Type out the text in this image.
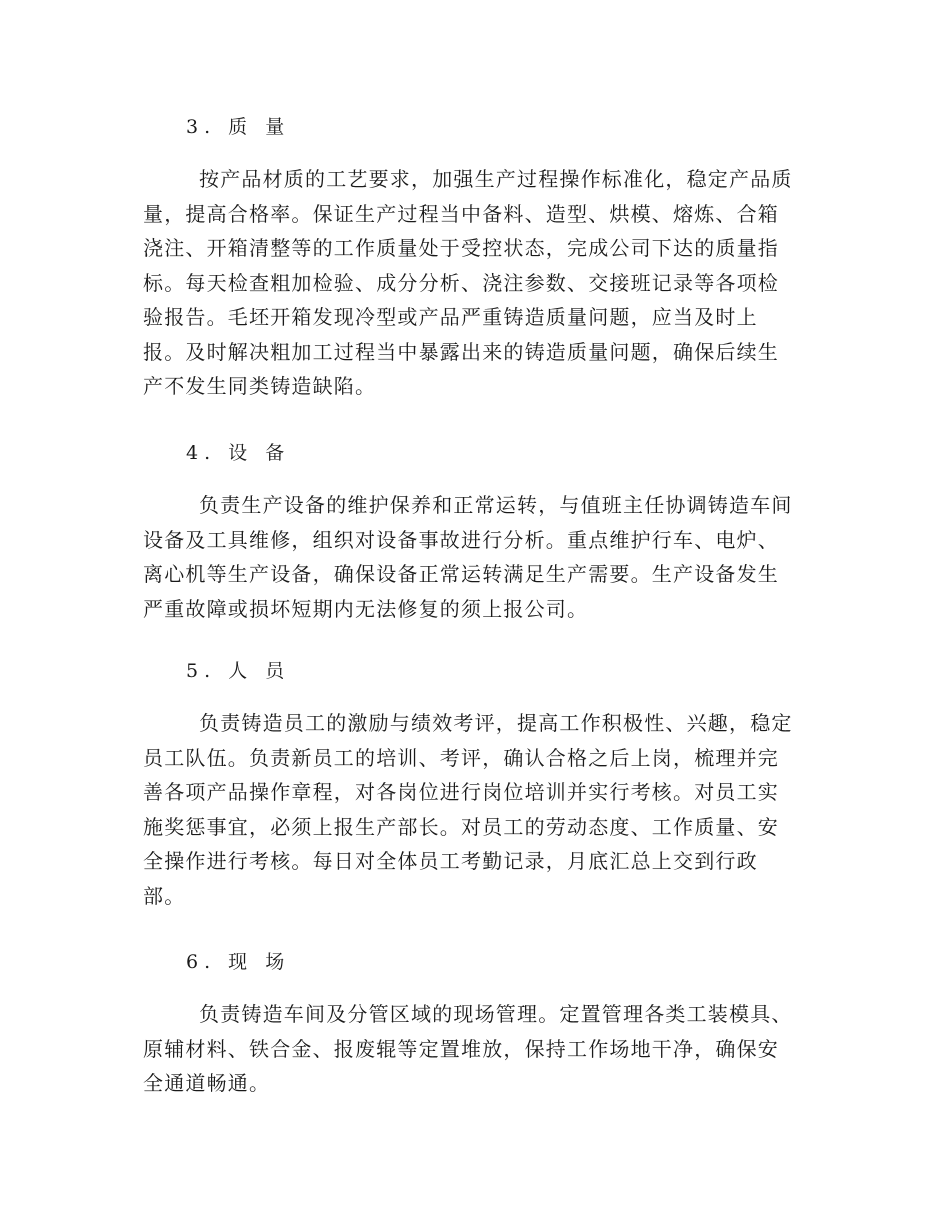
3. 质 量

按产品材质的工艺要求，加强生产过程操作标准化，稳定产品质
量，提高合格率。保证生产过程当中备料、造型、烘模、熔炼、合箱
浇注、开箱清整等的工作质量处于受控状态，完成公司下达的质量指
标。每天检查粗加检验、成分分析、浇注参数、交接班记录等各项检
验报告。毛坯开箱发现冷型或产品严重铸造质量问题，应当及时上
报。及时解决粗加工过程当中暴露出来的铸造质量问题，确保后续生
产不发生同类铸造缺陷。

4. 设 备

负责生产设备的维护保养和正常运转，与值班主任协调铸造车间
设备及工具维修，组织对设备事故进行分析。重点维护行车、电炉、
离心机等生产设备，确保设备正常运转满足生产需要。生产设备发生
严重故障或损坏短期内无法修复的须上报公司。

5. 人 员

负责铸造员工的激励与绩效考评，提高工作积极性、兴趣，稳定
员工队伍。负责新员工的培训、考评，确认合格之后上岗，梳理并完
善各项产品操作章程，对各岗位进行岗位培训并实行考核。对员工实
施奖惩事宜，必须上报生产部长。对员工的劳动态度、工作质量、安
全操作进行考核。每日对全体员工考勤记录，月底汇总上交到行政
部。

6. 现 场

负责铸造车间及分管区域的现场管理。定置管理各类工装模具、
原辅材料、铁合金、报废辊等定置堆放，保持工作场地干净，确保安
全通道畅通。
